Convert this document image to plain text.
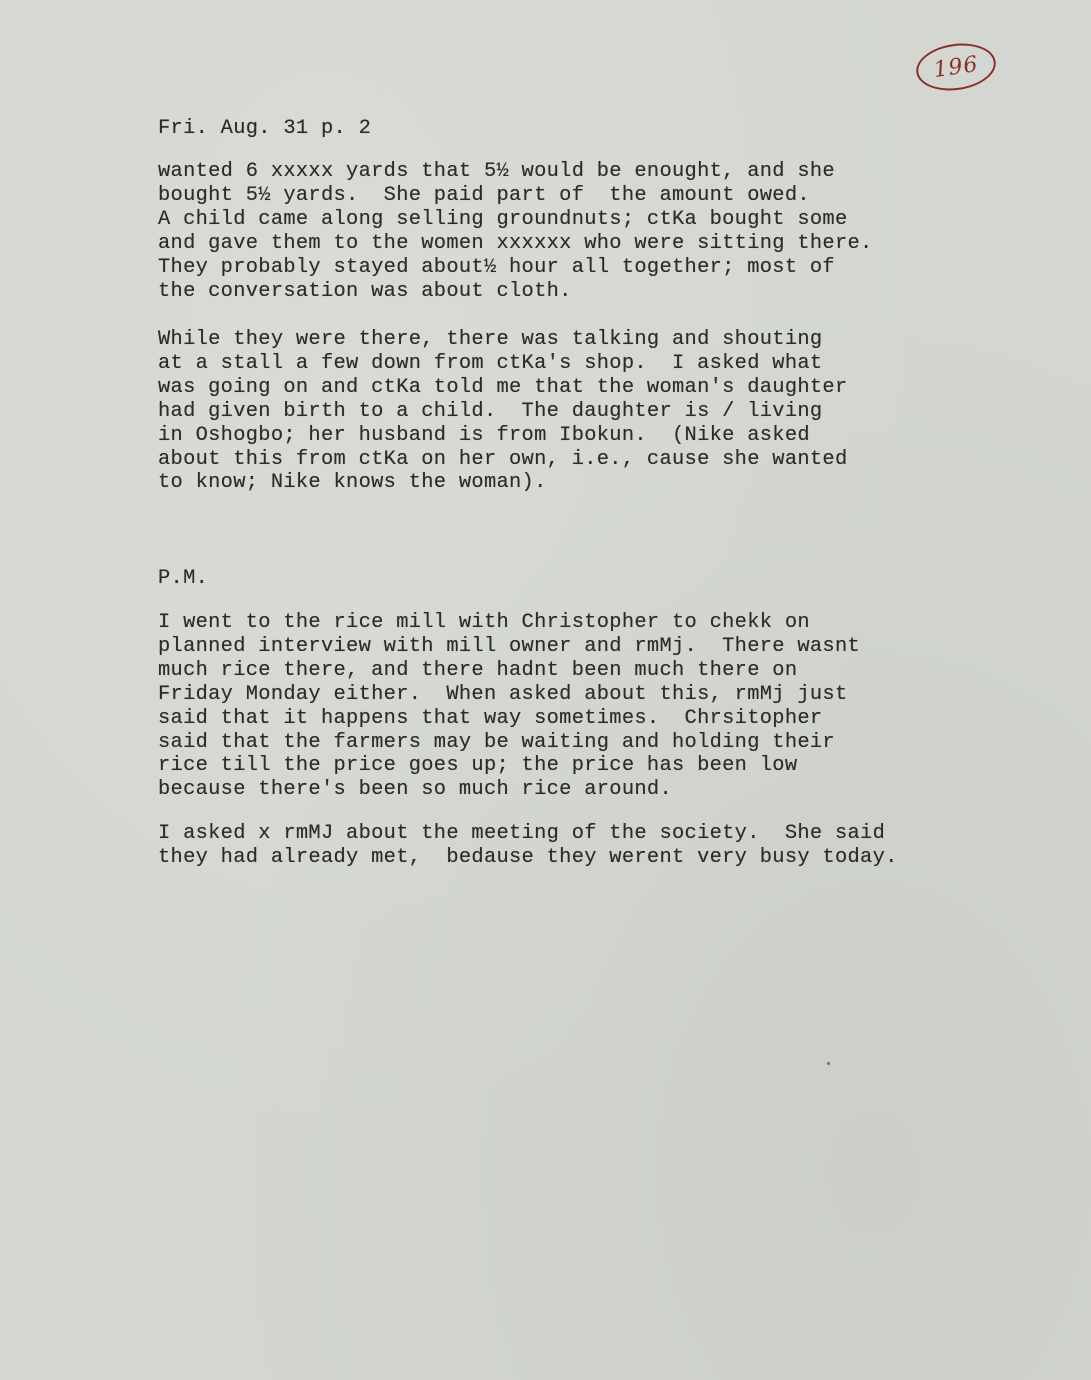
196

Fri. Aug. 31 p. 2

wanted 6 xxxxx yards that 5½ would be enought, and she
bought 5½ yards.  She paid part of  the amount owed.
A child came along selling groundnuts; ctKa bought some
and gave them to the women xxxxxx who were sitting there.
They probably stayed about½ hour all together; most of
the conversation was about cloth.

While they were there, there was talking and shouting
at a stall a few down from ctKa's shop.  I asked what
was going on and ctKa told me that the woman's daughter
had given birth to a child.  The daughter is / living
in Oshogbo; her husband is from Ibokun.  (Nike asked
about this from ctKa on her own, i.e., cause she wanted
to know; Nike knows the woman).

P.M.

I went to the rice mill with Christopher to chekk on
planned interview with mill owner and rmMj.  There wasnt
much rice there, and there hadnt been much there on
Friday Monday either.  When asked about this, rmMj just
said that it happens that way sometimes.  Chrsitopher
said that the farmers may be waiting and holding their
rice till the price goes up; the price has been low
because there's been so much rice around.

I asked x rmMJ about the meeting of the society.  She said
they had already met,  bedause they werent very busy today.
